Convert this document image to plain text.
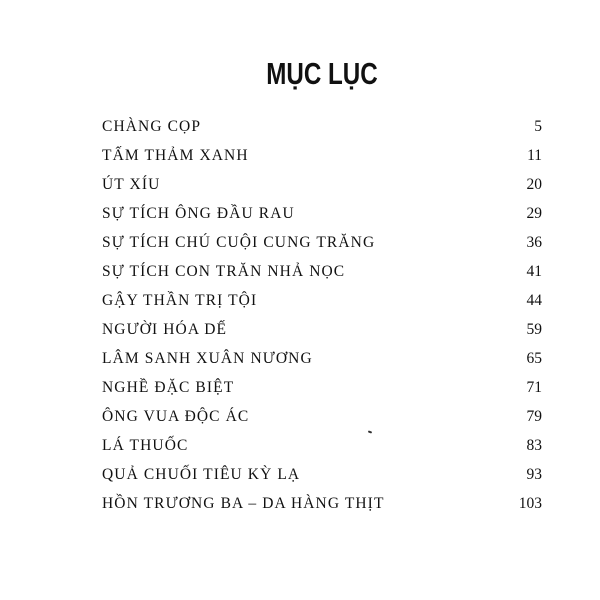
MỤC LỤC
CHÀNG CỌP	5
TẤM THẢM XANH	11
ÚT XÍU	20
SỰ TÍCH ÔNG ĐẦU RAU	29
SỰ TÍCH CHÚ CUỘI CUNG TRĂNG	36
SỰ TÍCH CON TRĂN NHẢ NỌC	41
GẬY THẦN TRỊ TỘI	44
NGƯỜI HÓA DẾ	59
LÂM SANH XUÂN NƯƠNG	65
NGHỀ ĐẶC BIỆT	71
ÔNG VUA ĐỘC ÁC	79
LÁ THUỐC	83
QUẢ CHUỐI TIÊU KỲ LẠ	93
HỒN TRƯƠNG BA – DA HÀNG THỊT	103
